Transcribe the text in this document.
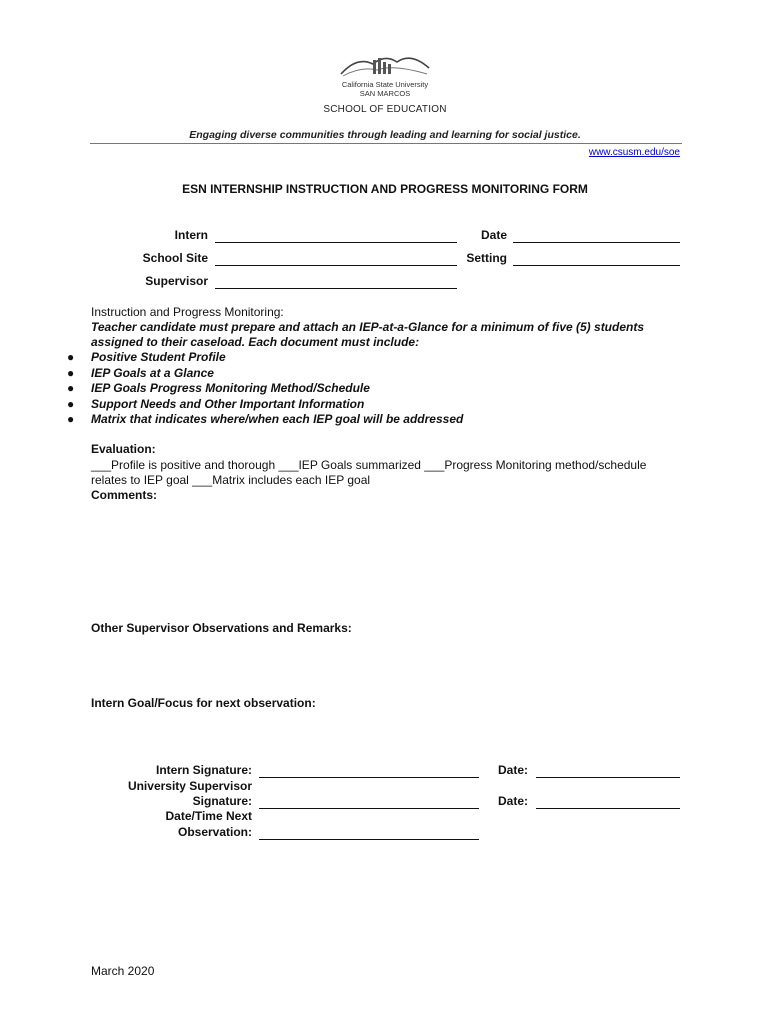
California State University
SAN MARCOS
SCHOOL OF EDUCATION
Engaging diverse communities through leading and learning for social justice.
www.csusm.edu/soe
ESN INTERNSHIP INSTRUCTION AND PROGRESS MONITORING FORM
Intern	Date
School Site	Setting
Supervisor
Instruction and Progress Monitoring:
Teacher candidate must prepare and attach an IEP-at-a-Glance for a minimum of five (5) students
assigned to their caseload. Each document must include:
● Positive Student Profile
● IEP Goals at a Glance
● IEP Goals Progress Monitoring Method/Schedule
● Support Needs and Other Important Information
● Matrix that indicates where/when each IEP goal will be addressed
Evaluation:
___Profile is positive and thorough ___IEP Goals summarized ___Progress Monitoring method/schedule
relates to IEP goal ___Matrix includes each IEP goal
Comments:
Other Supervisor Observations and Remarks:
Intern Goal/Focus for next observation:
Intern Signature:	Date:
University Supervisor
Signature:	Date:
Date/Time Next
Observation:
March 2020
